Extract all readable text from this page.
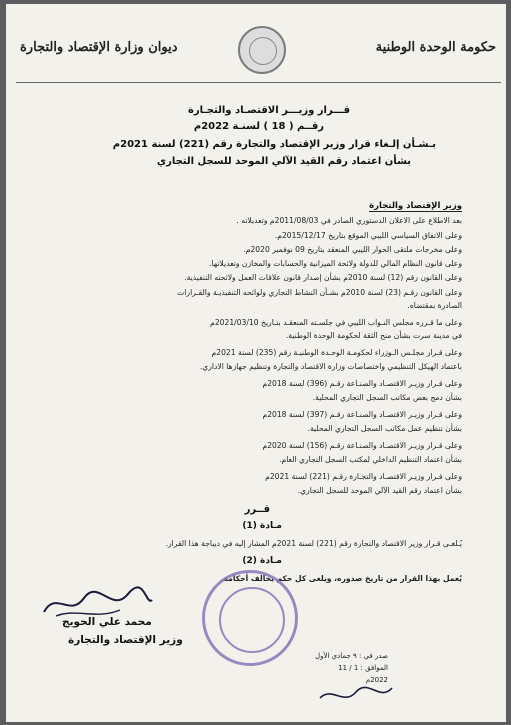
حكومة الوحدة الوطنية
ديوان وزارة الإقتصاد والتجارة
قـــرار وزيـــر الاقتصـاد والتجـارة
رقــم ( 18 ) لسنـة 2022م
بـشـأن إلـغاء قرار وزير الإقتصاد والتجارة رقم (221) لسنة 2021م
بشأن اعتماد رقم القيد الآلي الموحد للسجل التجاري
وزير الإقتصاد والتجارة
بعد الاطلاع على الاعلان الدستوري الصادر في 2011/08/03م وتعديلاته .
وعلى الاتفاق السياسي الليبي الموقع بتاريخ 2015/12/17م.
وعلى مخرجات ملتقى الحوار الليبي المنعقد بتاريخ 09 نوفمبر 2020م.
وعلى قانون النظام المالي للدولة ولائحة الميزانية والحسابات والمخازن وتعديلاتها.
وعلى القانون رقم (12) لسنة 2010م بشأن إصدار قانون علاقات العمل ولائحته التنفيذية.
وعلى القانون رقـم (23) لسنة 2010م بشـأن النشاط التجاري ولوائحه التنفيذيـة والقـرارات
الصادرة بمقتضاه.
وعلى ما قـرره مجلس النـواب الليبي في جلسـته المنعقـد بتـاريخ 2021/03/10م
في مدينة سرت بشأن منح الثقة لحكومة الوحدة الوطنية.
وعلى قـرار مجلـس الـوزراء لحكومـة الوحـدة الوطنيـة رقم (235) لسنة 2021م
باعتماد الهيكل التنظيمي واختصاصات وزارة الاقتصاد والتجارة وتنظيم جهازها الاداري.
وعلى قـرار وزيـر الاقتصـاد والصنـاعة رقـم (396) لسنة 2018م
بشأن دمج بعض مكاتب السجل التجاري المحلية.
وعلى قـرار وزيـر الاقتصـاد والصنـاعة رقـم (397) لسنة 2018م
بشأن تنظيم عمل مكاتب السجل التجاري المحلية.
وعلى قـرار وزيـر الاقتصـاد والصنـاعة رقـم (156) لسنة 2020م
بشأن اعتماد التنظيم الداخلي لمكتب السجل التجاري العام.
وعلى قـرار وزيـر الاقتصـاد والتجـارة رقـم (221) لسنة 2021م
بشأن اعتماد رقم القيد الآلي الموحد للسجل التجاري.
قــرر
مـادة (1)
يُـلغـى قـرار وزير الاقتصاد والتجارة رقم (221) لسنة 2021م المشار إليه في ديباجة هذا القرار.
مـادة (2)
يُعمل بهذا القرار من تاريخ صدوره، ويلغى كل حكم يخالف أحكامه.
محمد علي الحويج
وزير الإقتصاد والتجارة
صدر في : ٩ جمادي الأول
الموافق : 1 / 11
2022م
